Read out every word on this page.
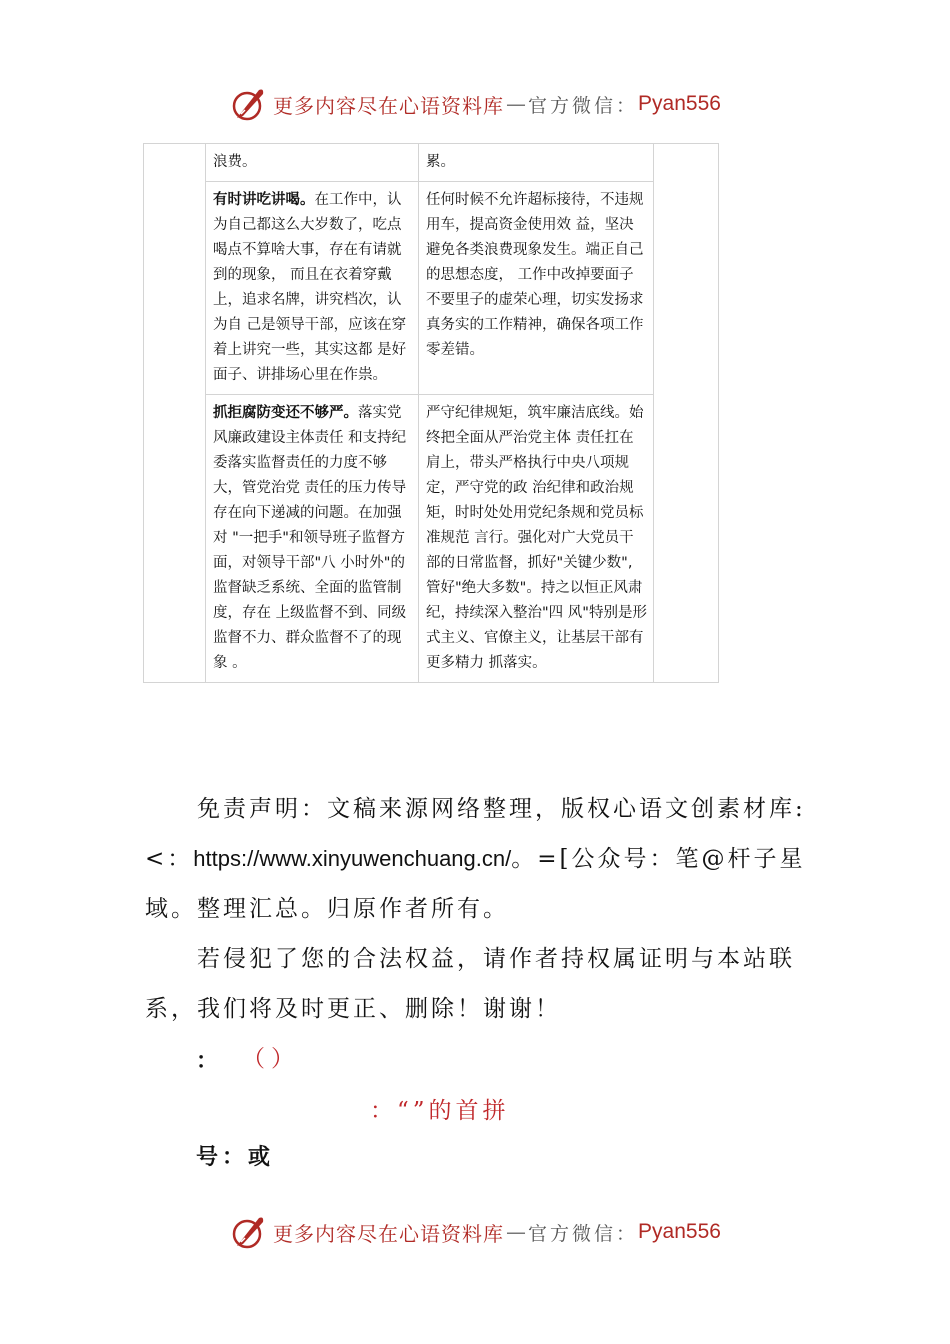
更多内容尽在心语资料库 — 官方微信： Pyan556
	浪费。	累。	
	有时讲吃讲喝。在工作中，认为自己都这么大岁数了，吃点喝点不算啥大事，存在有请就到的现象， 而且在衣着穿戴上，追求名牌，讲究档次，认为自 己是领导干部，应该在穿着上讲究一些，其实这都 是好面子、讲排场心里在作祟。	任何时候不允许超标接待，不违规用车，提高资金使用效 益，坚决避免各类浪费现象发生。端正自己的思想态度， 工作中改掉要面子不要里子的虚荣心理，切实发扬求真务实的工作精神，确保各项工作零差错。	
	抓拒腐防变还不够严。落实党风廉政建设主体责任 和支持纪委落实监督责任的力度不够大，管党治党 责任的压力传导存在向下递减的问题。在加强对 "一把手"和领导班子监督方面，对领导干部"八 小时外"的监督缺乏系统、全面的监管制度，存在 上级监督不到、同级监督不力、群众监督不了的现象 。	严守纪律规矩，筑牢廉洁底线。始终把全面从严治党主体 责任扛在肩上，带头严格执行中央八项规定，严守党的政 治纪律和政治规矩，时时处处用党纪条规和党员标准规范 言行。强化对广大党员干部的日常监督，抓好"关键少数", 管好"绝大多数"。持之以恒正风肃纪，持续深入整治"四 风"特别是形式主义、官僚主义，让基层干部有更多精力 抓落实。	

免责声明：文稿来源网络整理，版权心语文创素材库:<：https://www.xinyuwenchuang.cn/。=[公众号：笔@杆子星域。整理汇总。归原作者所有。

若侵犯了您的合法权益，请作者持权属证明与本站联系，我们将及时更正、删除！谢谢！

： （）
：“”的首拼
号：或
更多内容尽在心语资料库 — 官方微信： Pyan556
